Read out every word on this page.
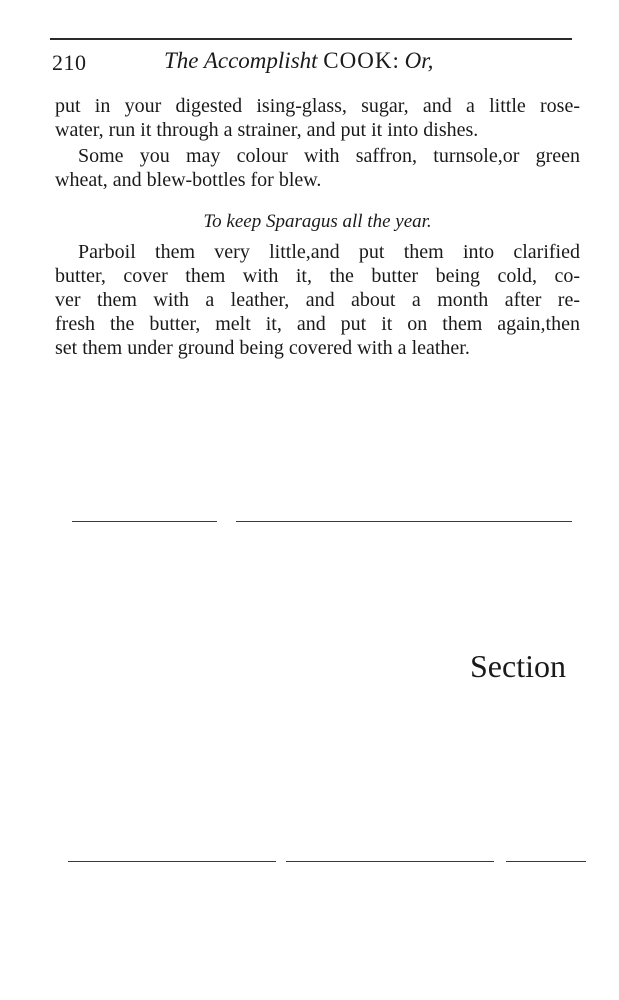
210	The Accomplisht COOK: Or,
put in your digested ising-glass, sugar, and a little rose-
water, run it through a strainer, and put it into dishes.
Some you may colour with saffron, turnsole,or green
wheat, and blew-bottles for blew.
To keep Sparagus all the year.
Parboil them very little,and put them into clarified
butter, cover them with it, the butter being cold, co-
ver them with a leather, and about a month after re-
fresh the butter, melt it, and put it on them again,then
set them under ground being covered with a leather.
Section
